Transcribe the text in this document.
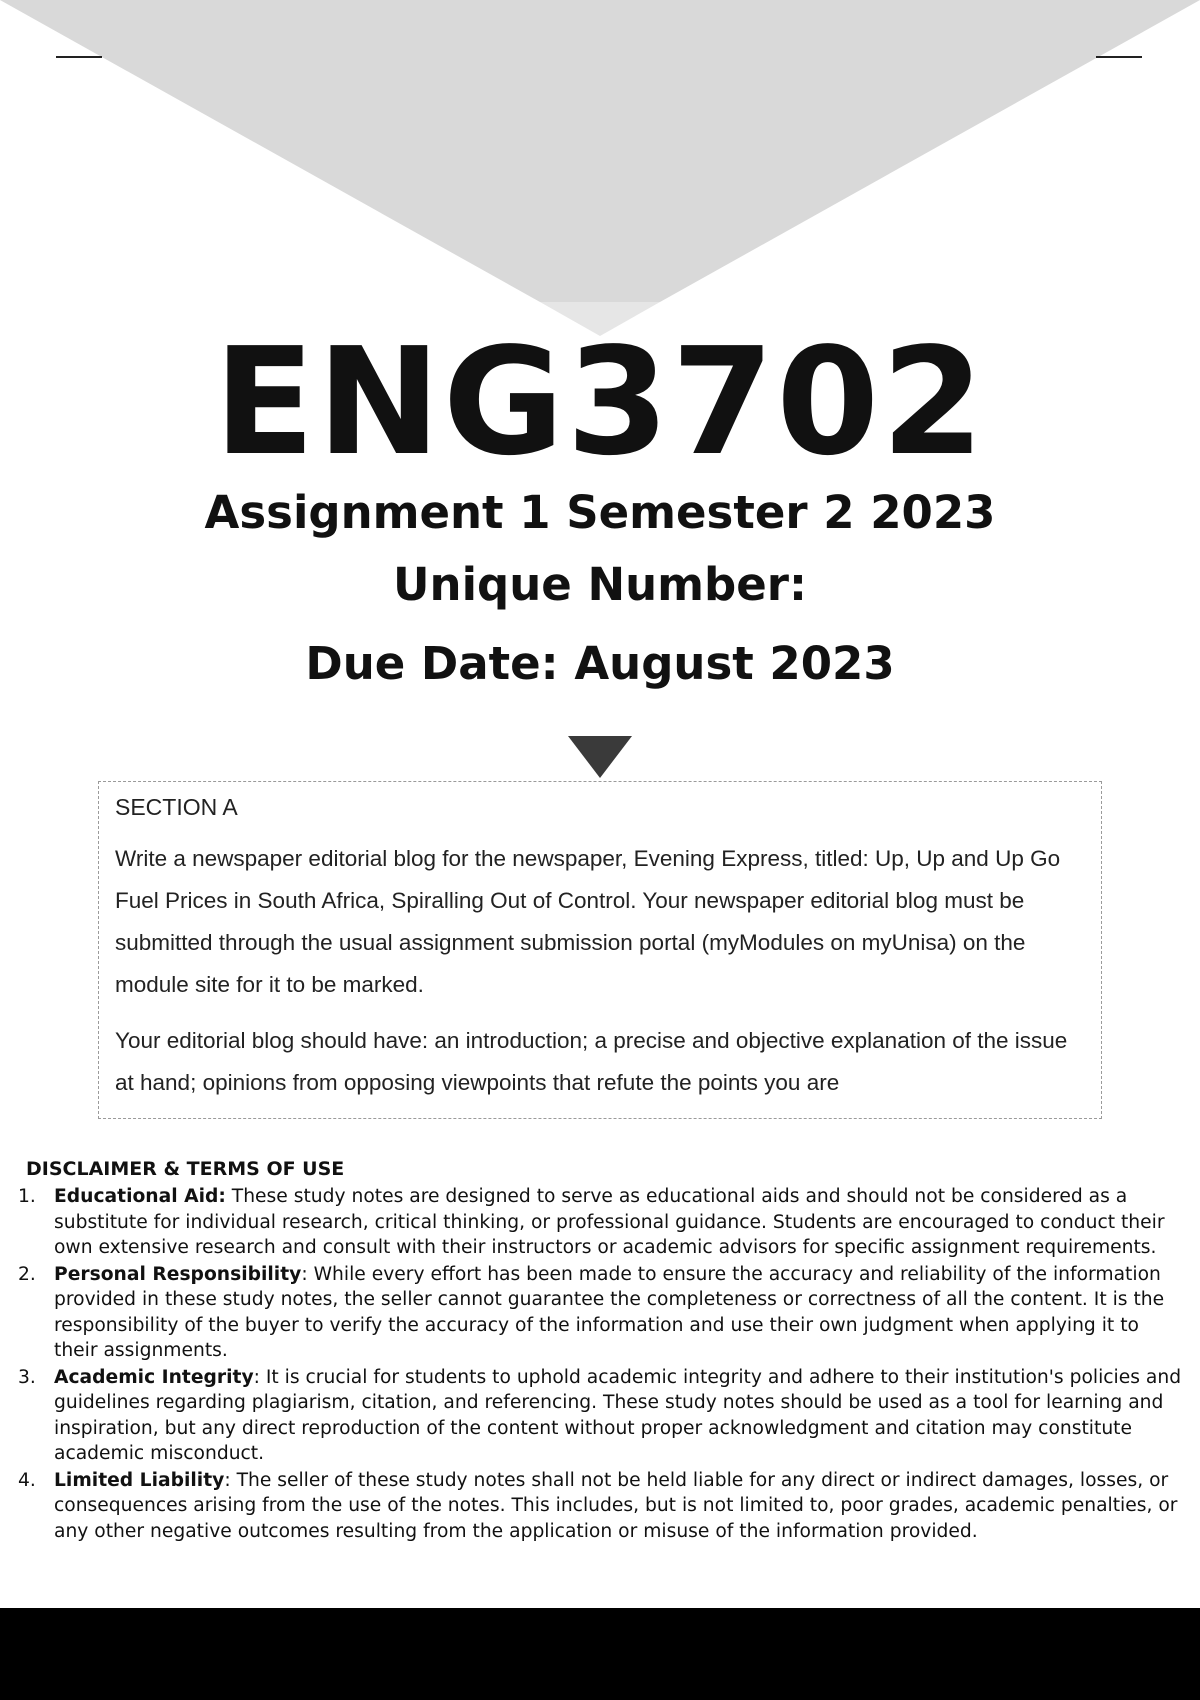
ENG3702
Assignment 1 Semester 2 2023
Unique Number:
Due Date: August 2023
SECTION A

Write a newspaper editorial blog for the newspaper, Evening Express, titled: Up, Up and Up Go Fuel Prices in South Africa, Spiralling Out of Control. Your newspaper editorial blog must be submitted through the usual assignment submission portal (myModules on myUnisa) on the module site for it to be marked.

Your editorial blog should have: an introduction; a precise and objective explanation of the issue at hand; opinions from opposing viewpoints that refute the points you are

DISCLAIMER & TERMS OF USE
1. Educational Aid: These study notes are designed to serve as educational aids and should not be considered as a substitute for individual research, critical thinking, or professional guidance. Students are encouraged to conduct their own extensive research and consult with their instructors or academic advisors for specific assignment requirements.
2. Personal Responsibility: While every effort has been made to ensure the accuracy and reliability of the information provided in these study notes, the seller cannot guarantee the completeness or correctness of all the content. It is the responsibility of the buyer to verify the accuracy of the information and use their own judgment when applying it to their assignments.
3. Academic Integrity: It is crucial for students to uphold academic integrity and adhere to their institution's policies and guidelines regarding plagiarism, citation, and referencing. These study notes should be used as a tool for learning and inspiration, but any direct reproduction of the content without proper acknowledgment and citation may constitute academic misconduct.
4. Limited Liability: The seller of these study notes shall not be held liable for any direct or indirect damages, losses, or consequences arising from the use of the notes. This includes, but is not limited to, poor grades, academic penalties, or any other negative outcomes resulting from the application or misuse of the information provided.
